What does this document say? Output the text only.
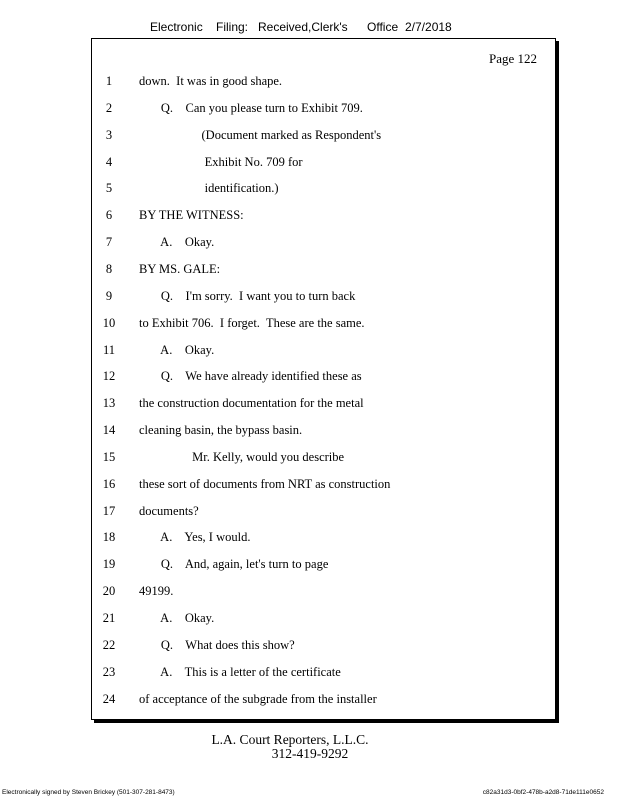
Electronic Filing: Received,Clerk's Office 2/7/2018
Page 122
1	down.  It was in good shape.
2	Q.    Can you please turn to Exhibit 709.
3	(Document marked as Respondent's
4	Exhibit No. 709 for
5	identification.)
6	BY THE WITNESS:
7	A.    Okay.
8	BY MS. GALE:
9	Q.    I'm sorry.  I want you to turn back
10	to Exhibit 706.  I forget.  These are the same.
11	A.    Okay.
12	Q.    We have already identified these as
13	the construction documentation for the metal
14	cleaning basin, the bypass basin.
15	Mr. Kelly, would you describe
16	these sort of documents from NRT as construction
17	documents?
18	A.    Yes, I would.
19	Q.    And, again, let's turn to page
20	49199.
21	A.    Okay.
22	Q.    What does this show?
23	A.    This is a letter of the certificate
24	of acceptance of the subgrade from the installer
L.A. Court Reporters, L.L.C.
312-419-9292
Electronically signed by Steven Brickey (501-307-281-8473)	c82a31d3-0bf2-478b-a2d8-71de111e0652
